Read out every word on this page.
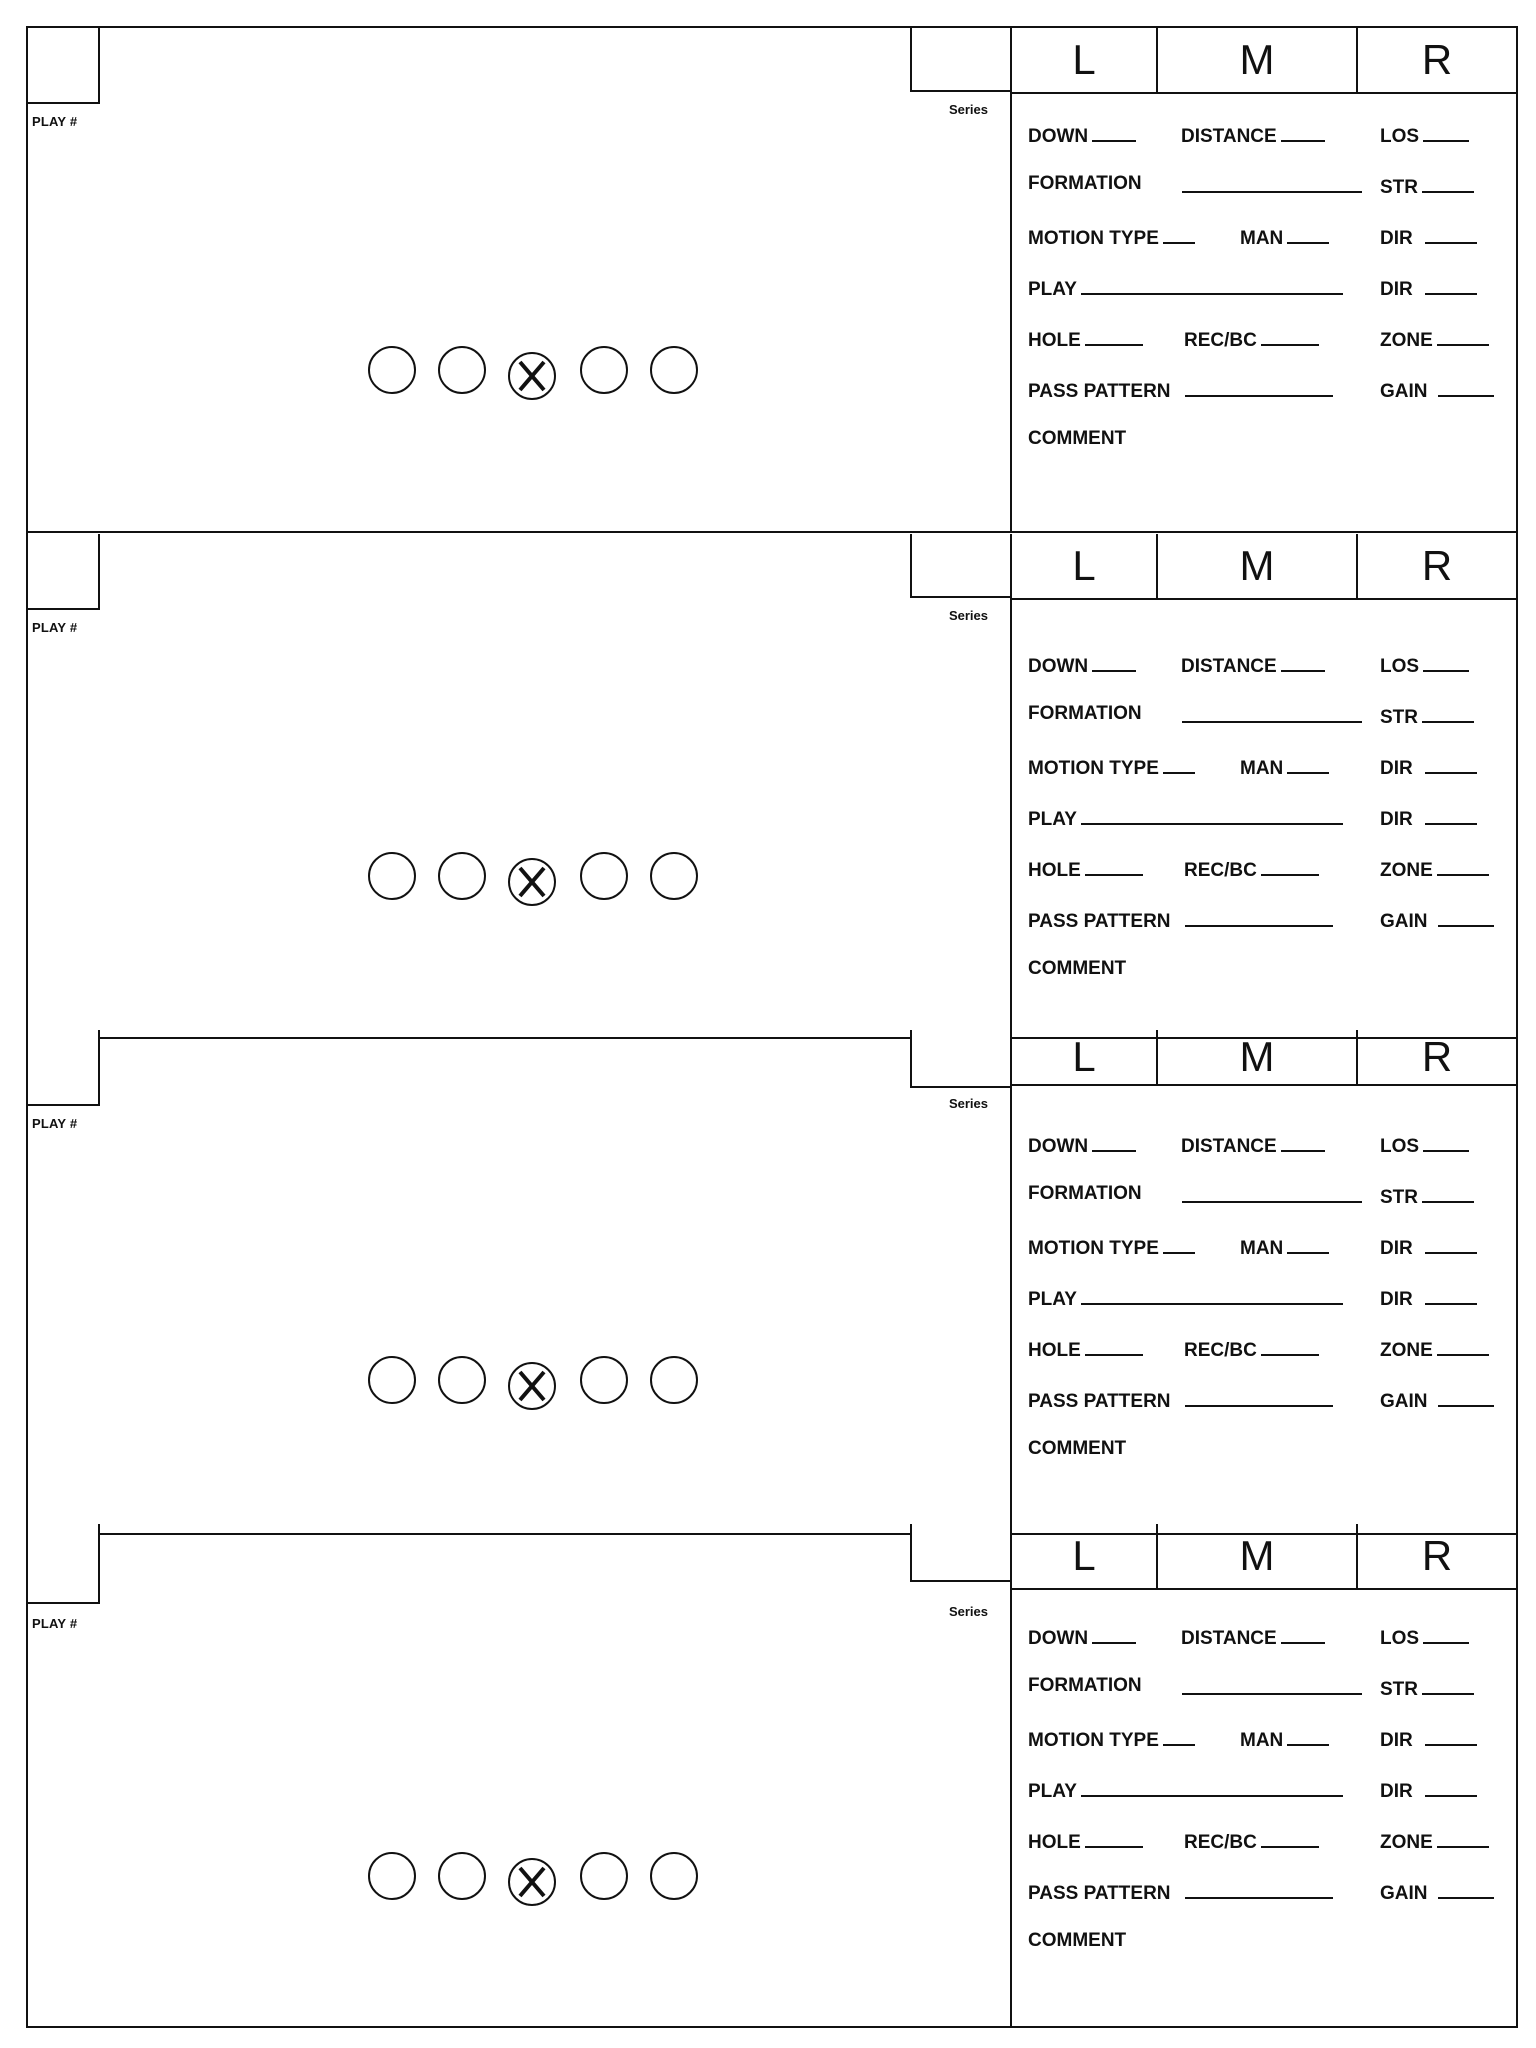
PLAY #
Series
L	M	R
DOWN	DISTANCE	LOS
FORMATION	STR
MOTION TYPE	MAN	DIR
PLAY	DIR
HOLE	REC/BC	ZONE
PASS PATTERN	GAIN
COMMENT
PLAY #
Series
L	M	R
DOWN	DISTANCE	LOS
FORMATION	STR
MOTION TYPE	MAN	DIR
PLAY	DIR
HOLE	REC/BC	ZONE
PASS PATTERN	GAIN
COMMENT
PLAY #
Series
L	M	R
DOWN	DISTANCE	LOS
FORMATION	STR
MOTION TYPE	MAN	DIR
PLAY	DIR
HOLE	REC/BC	ZONE
PASS PATTERN	GAIN
COMMENT
PLAY #
Series
L	M	R
DOWN	DISTANCE	LOS
FORMATION	STR
MOTION TYPE	MAN	DIR
PLAY	DIR
HOLE	REC/BC	ZONE
PASS PATTERN	GAIN
COMMENT
